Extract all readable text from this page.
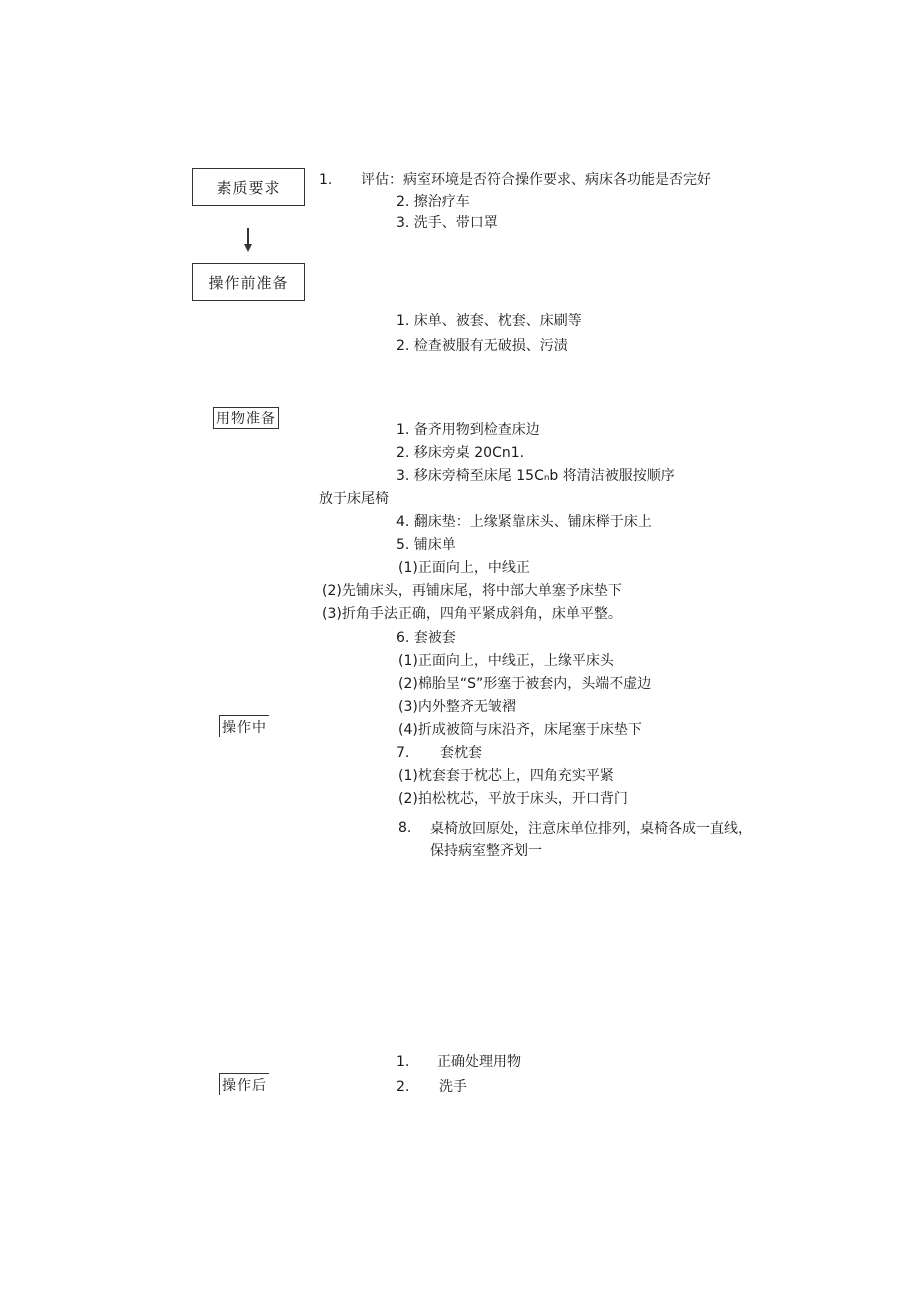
素质要求
操作前准备
用物准备
操作中
操作后
1. 评估：病室环境是否符合操作要求、病床各功能是否完好
2. 擦治疗车
3. 洗手、带口罩
1. 床单、被套、枕套、床刷等
2. 检查被服有无破损、污渍
1. 备齐用物到检查床边
2. 移床旁桌 20Cn1.
3. 移床旁椅至床尾 15Cₙb 将清洁被服按顺序
放于床尾椅
4. 翻床垫：上缘紧靠床头、铺床榉于床上
5. 铺床单
(1)正面向上，中线正
(2)先铺床头，再铺床尾，将中部大单塞予床垫下
(3)折角手法正确，四角平紧成斜角，床单平整。
6. 套被套
(1)正面向上，中线正，上缘平床头
(2)棉胎呈“S”形塞于被套内，头端不虚边
(3)内外整齐无皱褶
(4)折成被筒与床沿齐，床尾塞于床垫下
7. 套枕套
(1)枕套套于枕芯上，四角充实平紧
(2)拍松枕芯，平放于床头，开口背门
8.	桌椅放回原处，注意床单位排列，桌椅各成一直线，保持病室整齐划一
1. 正确处理用物
2. 洗手
